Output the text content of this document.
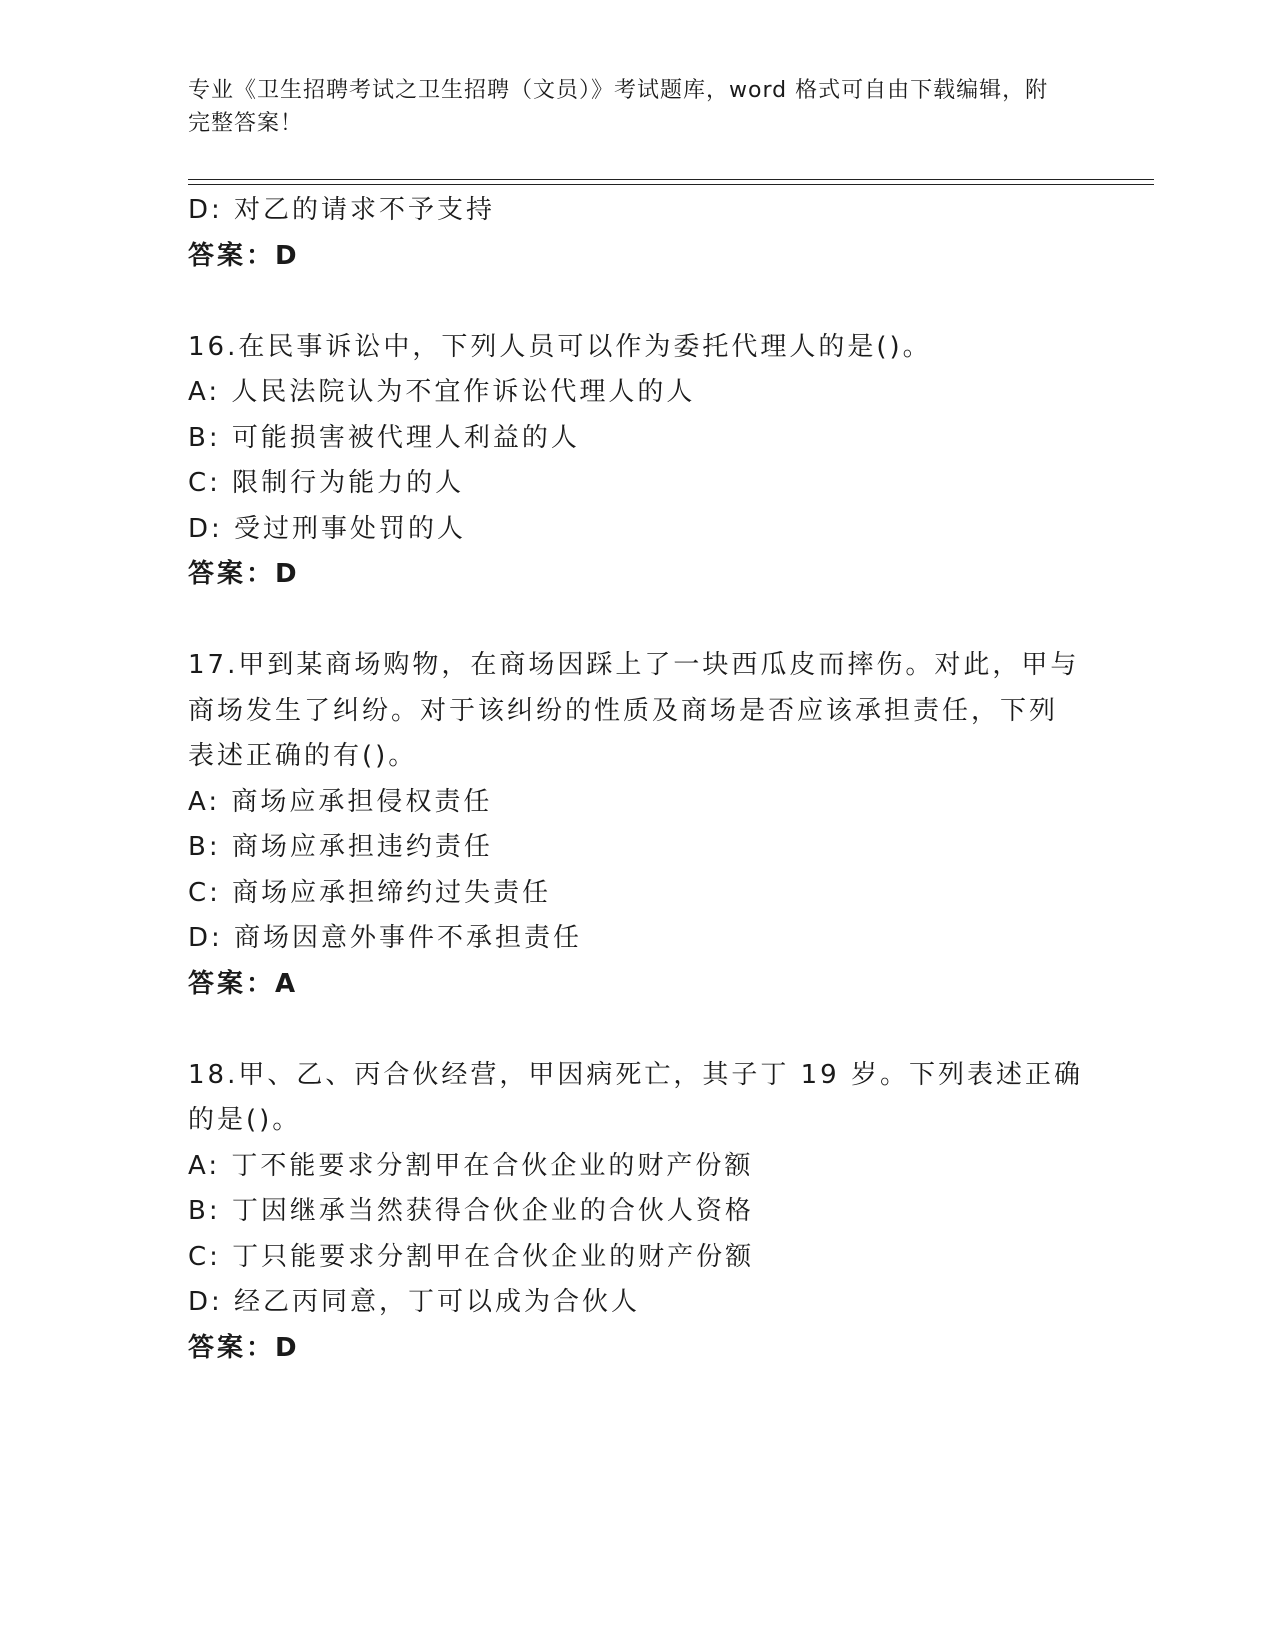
专业《卫生招聘考试之卫生招聘（文员）》考试题库，word 格式可自由下载编辑，附完整答案！
D: 对乙的请求不予支持
答案：D
16.在民事诉讼中，下列人员可以作为委托代理人的是()。
A: 人民法院认为不宜作诉讼代理人的人
B: 可能损害被代理人利益的人
C: 限制行为能力的人
D: 受过刑事处罚的人
答案：D
17.甲到某商场购物，在商场因踩上了一块西瓜皮而摔伤。对此，甲与
商场发生了纠纷。对于该纠纷的性质及商场是否应该承担责任，下列
表述正确的有()。
A: 商场应承担侵权责任
B: 商场应承担违约责任
C: 商场应承担缔约过失责任
D: 商场因意外事件不承担责任
答案：A
18.甲、乙、丙合伙经营，甲因病死亡，其子丁 19 岁。下列表述正确
的是()。
A: 丁不能要求分割甲在合伙企业的财产份额
B: 丁因继承当然获得合伙企业的合伙人资格
C: 丁只能要求分割甲在合伙企业的财产份额
D: 经乙丙同意，丁可以成为合伙人
答案：D
